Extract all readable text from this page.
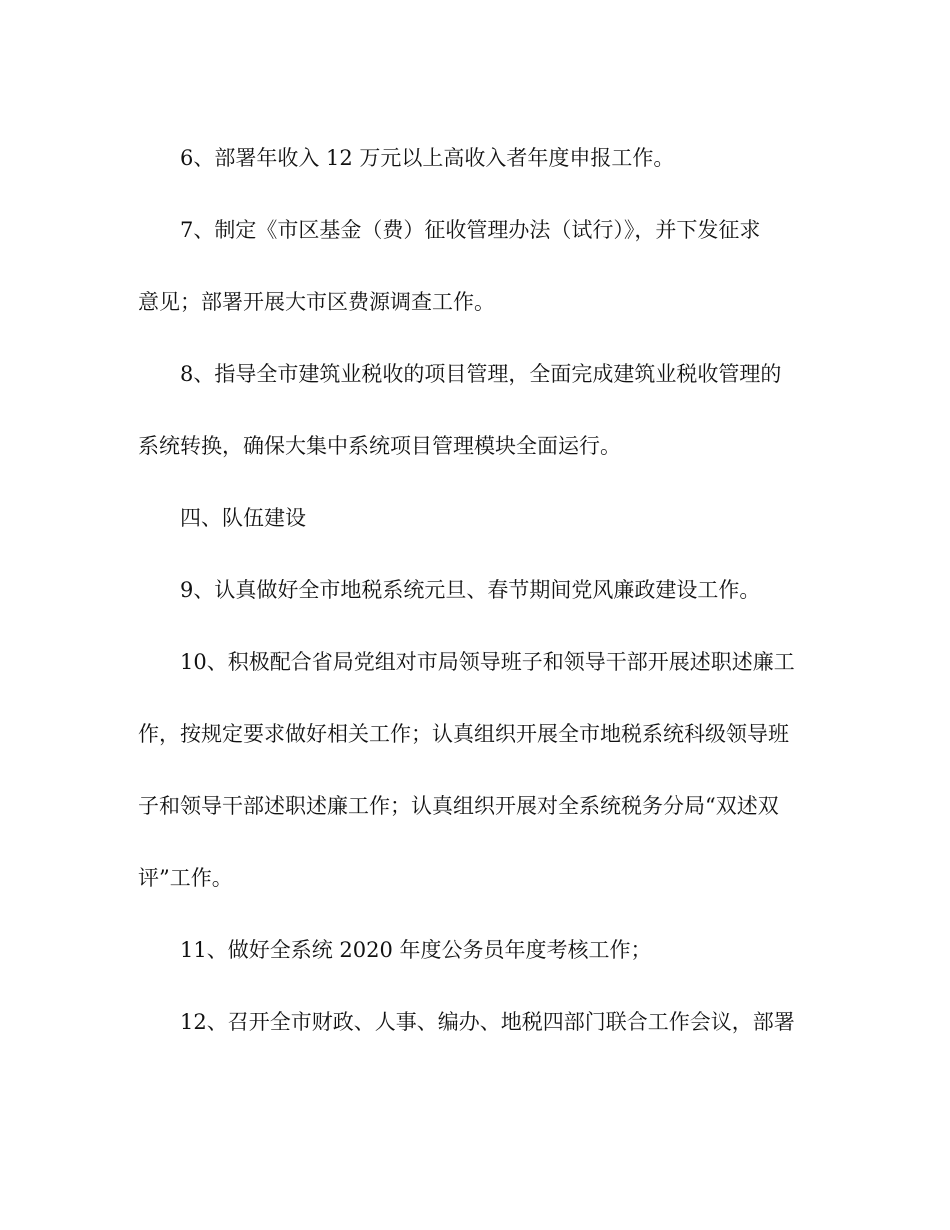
6、部署年收入 12 万元以上高收入者年度申报工作。

7、制定《市区基金（费）征收管理办法（试行）》，并下发征求

意见；部署开展大市区费源调查工作。

8、指导全市建筑业税收的项目管理，全面完成建筑业税收管理的

系统转换，确保大集中系统项目管理模块全面运行。

四、队伍建设

9、认真做好全市地税系统元旦、春节期间党风廉政建设工作。

10、积极配合省局党组对市局领导班子和领导干部开展述职述廉工

作，按规定要求做好相关工作；认真组织开展全市地税系统科级领导班

子和领导干部述职述廉工作；认真组织开展对全系统税务分局“双述双

评”工作。

11、做好全系统 2020 年度公务员年度考核工作；

12、召开全市财政、人事、编办、地税四部门联合工作会议，部署
